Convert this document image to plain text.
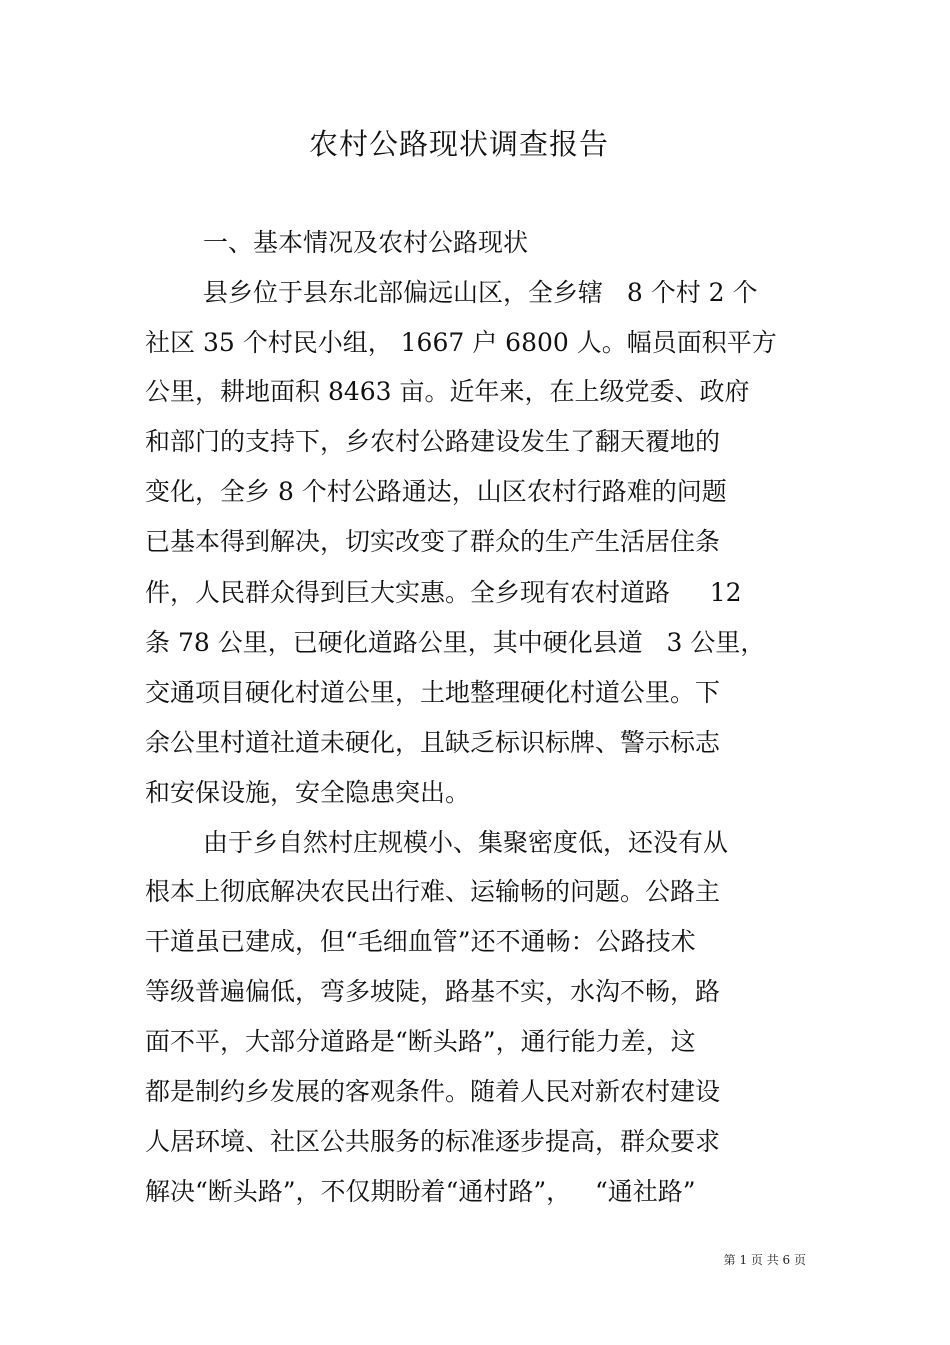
农村公路现状调查报告
一、基本情况及农村公路现状
县乡位于县东北部偏远山区，全乡辖   8 个村 2 个
社区 35 个村民小组， 1667 户 6800 人。幅员面积平方
公里，耕地面积 8463 亩。近年来，在上级党委、政府
和部门的支持下，乡农村公路建设发生了翻天覆地的
变化，全乡 8 个村公路通达，山区农村行路难的问题
已基本得到解决，切实改变了群众的生产生活居住条
件，人民群众得到巨大实惠。全乡现有农村道路     12
条 78 公里，已硬化道路公里，其中硬化县道   3 公里，
交通项目硬化村道公里，土地整理硬化村道公里。下
余公里村道社道未硬化，且缺乏标识标牌、警示标志
和安保设施，安全隐患突出。
由于乡自然村庄规模小、集聚密度低，还没有从
根本上彻底解决农民出行难、运输畅的问题。公路主
干道虽已建成，但“毛细血管”还不通畅：公路技术
等级普遍偏低，弯多坡陡，路基不实，水沟不畅，路
面不平，大部分道路是“断头路”，通行能力差，这
都是制约乡发展的客观条件。随着人民对新农村建设
人居环境、社区公共服务的标准逐步提高，群众要求
解决“断头路”，不仅期盼着“通村路”，   “通社路”
第 1 页 共 6 页
